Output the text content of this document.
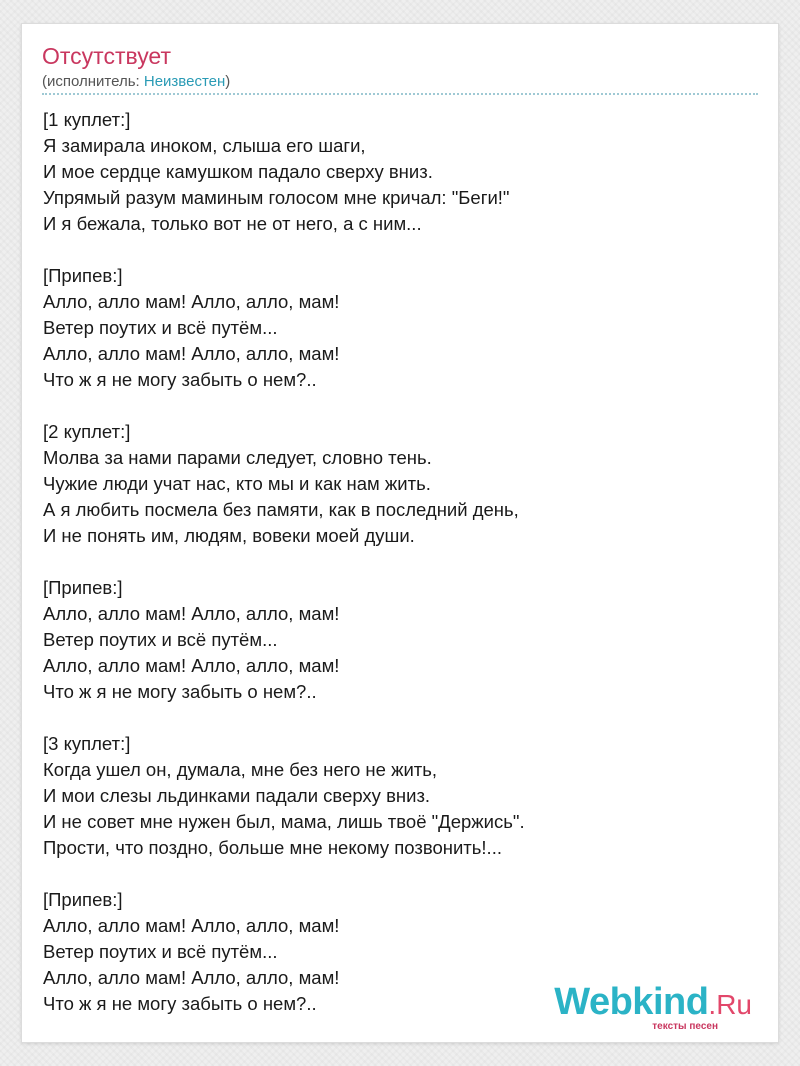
Отсутствует
(исполнитель: Неизвестен)
[1 куплет:]
Я замирала иноком, слыша его шаги,
И мое сердце камушком падало сверху вниз.
Упрямый разум маминым голосом мне кричал: "Беги!"
И я бежала, только вот не от него, а с ним...
[Припев:]
Алло, алло мам! Алло, алло, мам!
Ветер поутих и всё путём...
Алло, алло мам! Алло, алло, мам!
Что ж я не могу забыть о нем?..
[2 куплет:]
Молва за нами парами следует, словно тень.
Чужие люди учат нас, кто мы и как нам жить.
А я любить посмела без памяти, как в последний день,
И не понять им, людям, вовеки моей души.
[Припев:]
Алло, алло мам! Алло, алло, мам!
Ветер поутих и всё путём...
Алло, алло мам! Алло, алло, мам!
Что ж я не могу забыть о нем?..
[3 куплет:]
Когда ушел он, думала, мне без него не жить,
И мои слезы льдинками падали сверху вниз.
И не совет мне нужен был, мама, лишь твоё "Держись".
Прости, что поздно, больше мне некому позвонить!...
[Припев:]
Алло, алло мам! Алло, алло, мам!
Ветер поутих и всё путём...
Алло, алло мам! Алло, алло, мам!
Что ж я не могу забыть о нем?..	Webkind.Ru
тексты песен
